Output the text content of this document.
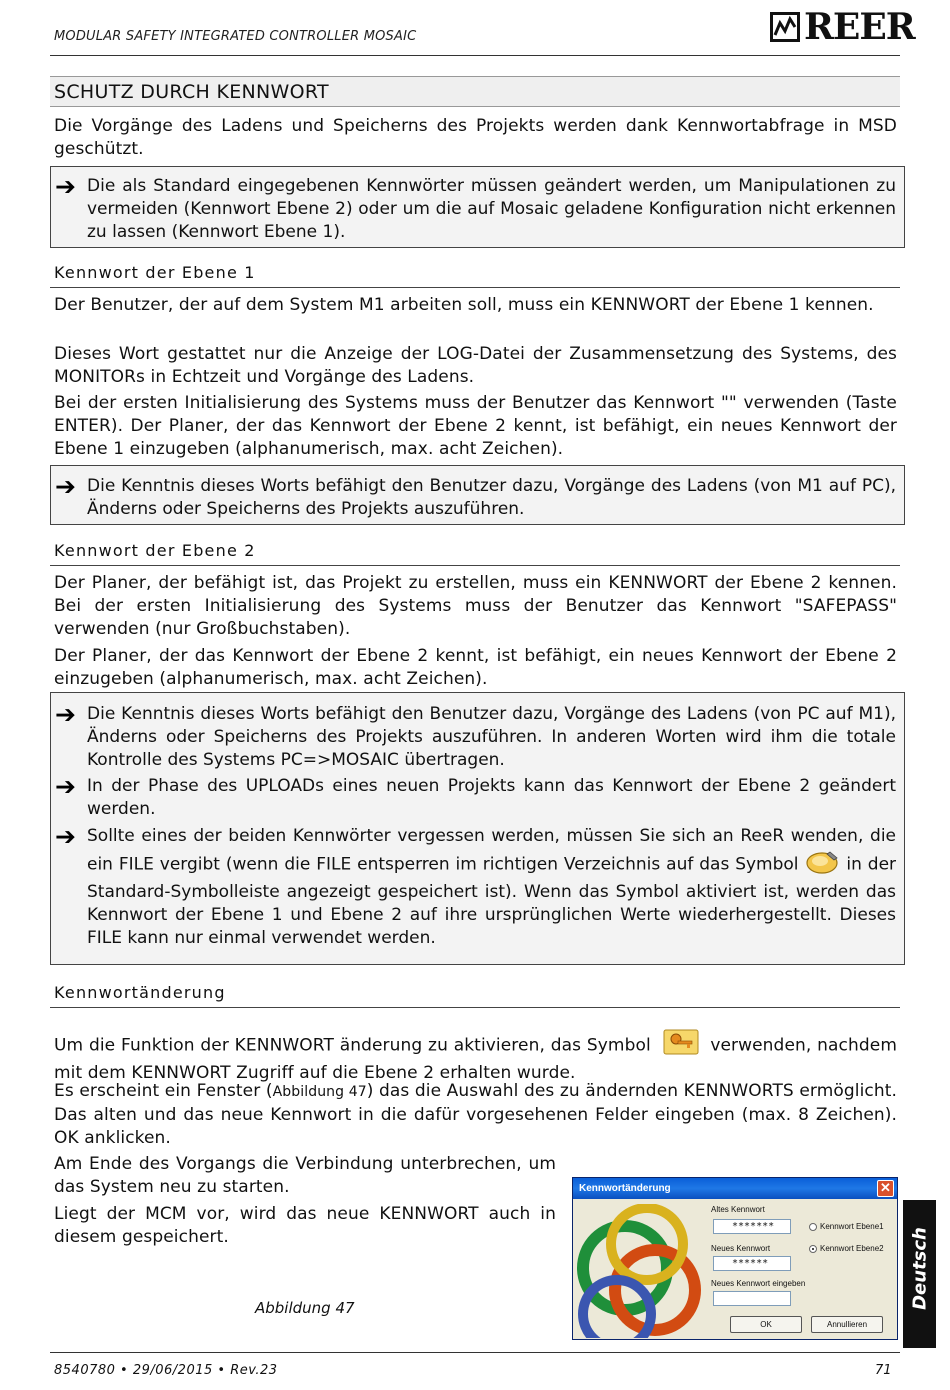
MODULAR SAFETY INTEGRATED CONTROLLER MOSAIC	REER
SCHUTZ DURCH KENNWORT
Die Vorgänge des Ladens und Speicherns des Projekts werden dank Kennwortabfrage in MSD geschützt.
➔ Die als Standard eingegebenen Kennwörter müssen geändert werden, um Manipulationen zu vermeiden (Kennwort Ebene 2) oder um die auf Mosaic geladene Konfiguration nicht erkennen zu lassen (Kennwort Ebene 1).
Kennwort der Ebene 1
Der Benutzer, der auf dem System M1 arbeiten soll, muss ein KENNWORT der Ebene 1 kennen.
Dieses Wort gestattet nur die Anzeige der LOG-Datei der Zusammensetzung des Systems, des MONITORs in Echtzeit und Vorgänge des Ladens.
Bei der ersten Initialisierung des Systems muss der Benutzer das Kennwort "" verwenden (Taste ENTER). Der Planer, der das Kennwort der Ebene 2 kennt, ist befähigt, ein neues Kennwort der Ebene 1 einzugeben (alphanumerisch, max. acht Zeichen).
➔ Die Kenntnis dieses Worts befähigt den Benutzer dazu, Vorgänge des Ladens (von M1 auf PC), Änderns oder Speicherns des Projekts auszuführen.
Kennwort der Ebene 2
Der Planer, der befähigt ist, das Projekt zu erstellen, muss ein KENNWORT der Ebene 2 kennen. Bei der ersten Initialisierung des Systems muss der Benutzer das Kennwort "SAFEPASS" verwenden (nur Großbuchstaben).
Der Planer, der das Kennwort der Ebene 2 kennt, ist befähigt, ein neues Kennwort der Ebene 2 einzugeben (alphanumerisch, max. acht Zeichen).
➔ Die Kenntnis dieses Worts befähigt den Benutzer dazu, Vorgänge des Ladens (von PC auf M1), Änderns oder Speicherns des Projekts auszuführen. In anderen Worten wird ihm die totale Kontrolle des Systems PC=>MOSAIC übertragen.
➔ In der Phase des UPLOADs eines neuen Projekts kann das Kennwort der Ebene 2 geändert werden.
➔ Sollte eines der beiden Kennwörter vergessen werden, müssen Sie sich an ReeR wenden, die ein FILE vergibt (wenn die FILE entsperren im richtigen Verzeichnis auf das Symbol	in der Standard-Symbolleiste angezeigt gespeichert ist). Wenn das Symbol aktiviert ist, werden das Kennwort der Ebene 1 und Ebene 2 auf ihre ursprünglichen Werte wiederhergestellt. Dieses FILE kann nur einmal verwendet werden.
Kennwortänderung
Um die Funktion der KENNWORT änderung zu aktivieren, das Symbol	verwenden, nachdem mit dem KENNWORT Zugriff auf die Ebene 2 erhalten wurde.
Es erscheint ein Fenster (Abbildung 47) das die Auswahl des zu ändernden KENNWORTS ermöglicht. Das alten und das neue Kennwort in die dafür vorgesehenen Felder eingeben (max. 8 Zeichen). OK anklicken.
Am Ende des Vorgangs die Verbindung unterbrechen, um das System neu zu starten.
Liegt der MCM vor, wird das neue KENNWORT auch in diesem gespeichert.
Kennwortänderung	✕
Altes Kennwort
*******
Neues Kennwort
******
Neues Kennwort eingeben
Kennwort Ebene1
Kennwort Ebene2
OK	Annullieren
Abbildung 47	Deutsch
8540780 • 29/06/2015 • Rev.23	71
